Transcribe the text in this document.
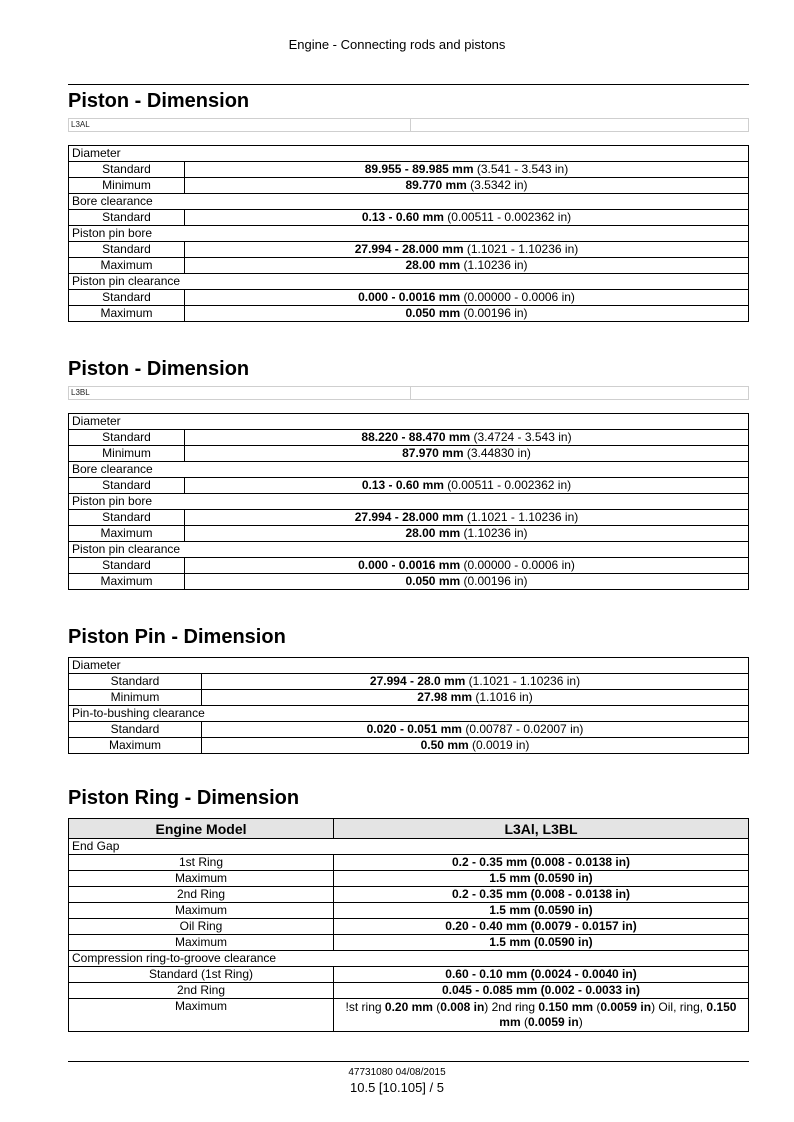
Engine - Connecting rods and pistons
Piston - Dimension
L3AL
Diameter	
Standard	89.955 - 89.985 mm (3.541 - 3.543 in)
Minimum	89.770 mm (3.5342 in)
Bore clearance	
Standard	0.13 - 0.60 mm (0.00511 - 0.002362 in)
Piston pin bore	
Standard	27.994 - 28.000 mm (1.1021 - 1.10236 in)
Maximum	28.00 mm (1.10236 in)
Piston pin clearance	
Standard	0.000 - 0.0016 mm (0.00000 - 0.0006 in)
Maximum	0.050 mm (0.00196 in)
Piston - Dimension
L3BL
Diameter	
Standard	88.220 - 88.470 mm (3.4724 - 3.543 in)
Minimum	87.970 mm (3.44830 in)
Bore clearance	
Standard	0.13 - 0.60 mm (0.00511 - 0.002362 in)
Piston pin bore	
Standard	27.994 - 28.000 mm (1.1021 - 1.10236 in)
Maximum	28.00 mm (1.10236 in)
Piston pin clearance	
Standard	0.000 - 0.0016 mm (0.00000 - 0.0006 in)
Maximum	0.050 mm (0.00196 in)
Piston Pin - Dimension
Diameter	
Standard	27.994 - 28.0 mm (1.1021 - 1.10236 in)
Minimum	27.98 mm (1.1016 in)
Pin-to-bushing clearance	
Standard	0.020 - 0.051 mm (0.00787 - 0.02007 in)
Maximum	0.50 mm (0.0019 in)
Piston Ring - Dimension
Engine Model	L3Al, L3BL
End Gap	
1st Ring	0.2 - 0.35 mm (0.008 - 0.0138 in)
Maximum	1.5 mm (0.0590 in)
2nd Ring	0.2 - 0.35 mm (0.008 - 0.0138 in)
Maximum	1.5 mm (0.0590 in)
Oil Ring	0.20 - 0.40 mm (0.0079 - 0.0157 in)
Maximum	1.5 mm (0.0590 in)
Compression ring-to-groove clearance	
Standard (1st Ring)	0.60 - 0.10 mm (0.0024 - 0.0040 in)
2nd Ring	0.045 - 0.085 mm (0.002 - 0.0033 in)
Maximum	!st ring 0.20 mm (0.008 in) 2nd ring 0.150 mm (0.0059 in) Oil, ring, 0.150 mm (0.0059 in)
47731080 04/08/2015
10.5 [10.105] / 5
